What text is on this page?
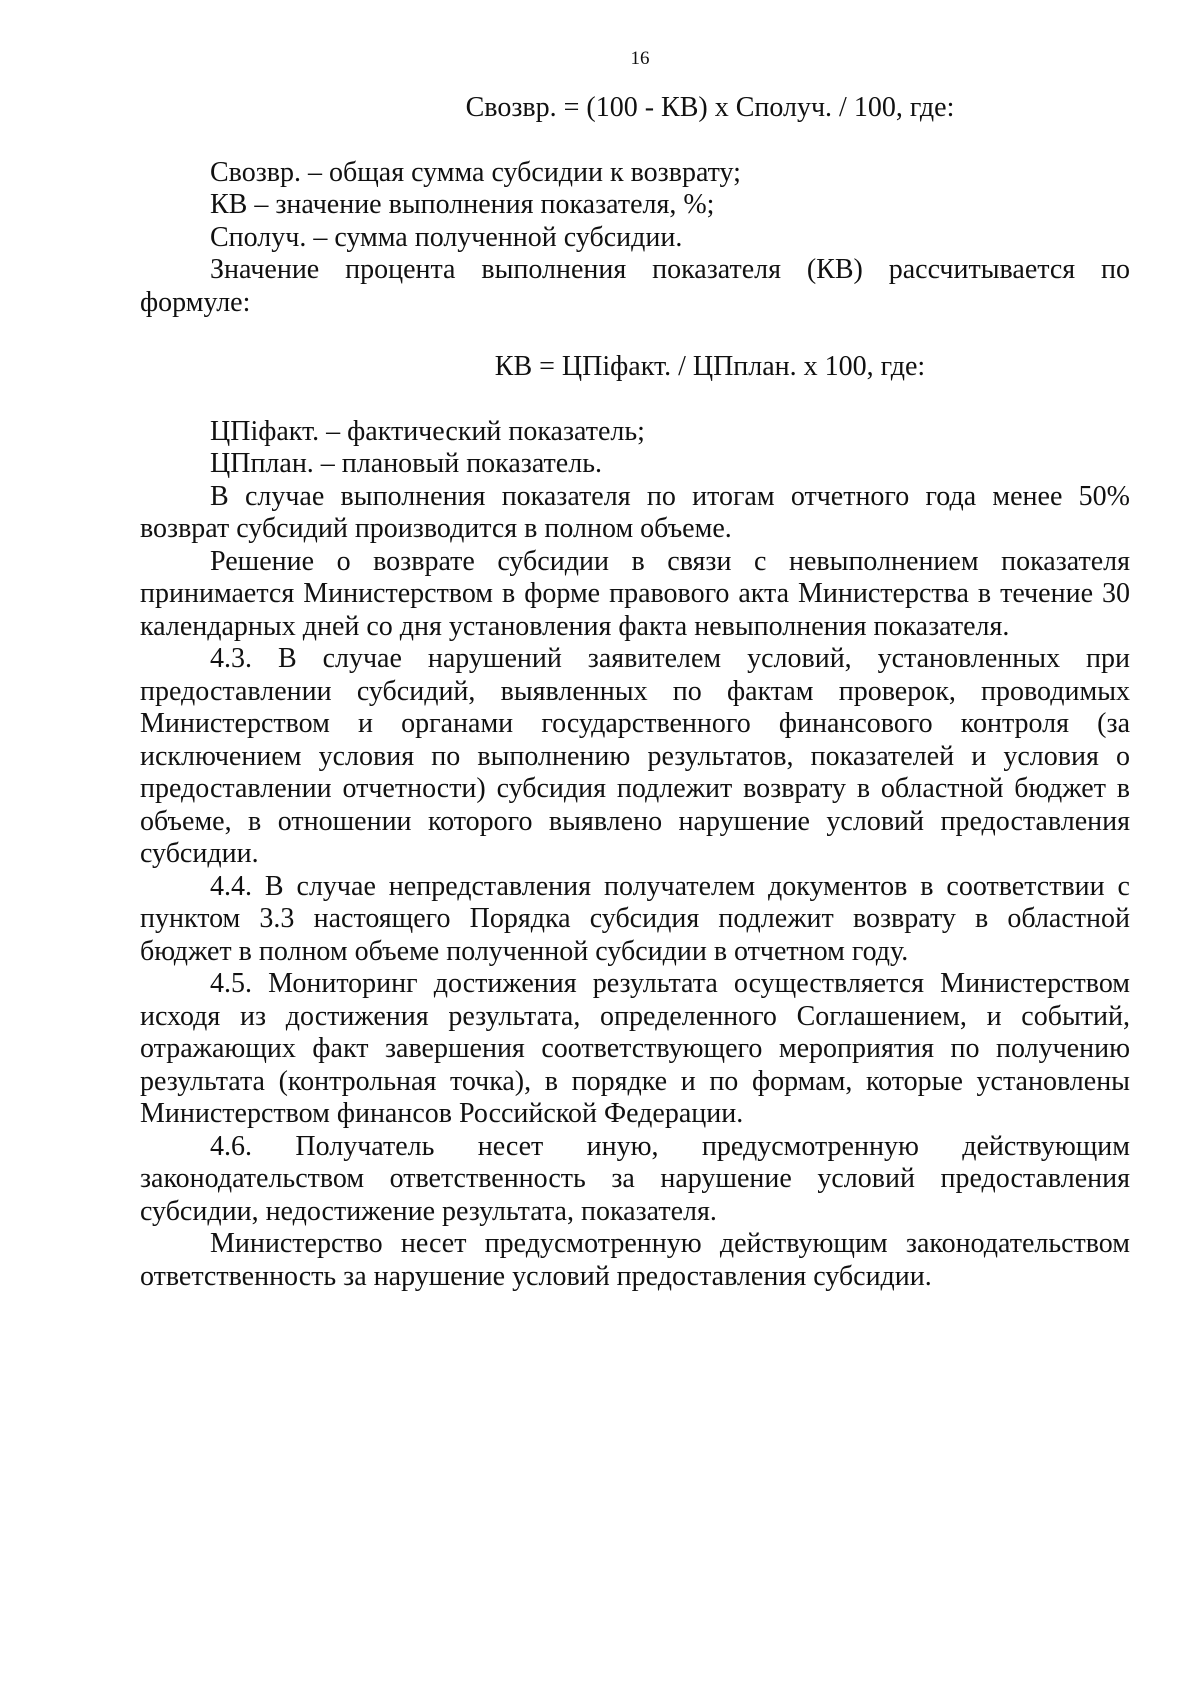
16

Своз​вр. = (100 - КВ) х Сполуч. / 100, где:

Своз​вр. – общая сумма субсидии к возврату;

КВ – значение выполнения показателя, %;

Сполуч. – сумма полученной субсидии.

Значение процента выполнения показателя (КВ) рассчитывается по формуле:

КВ = ЦПiфакт. / ЦПплан. х 100, где:

ЦПiфакт. – фактический показатель;

ЦПплан. – плановый показатель.

В случае выполнения показателя по итогам отчетного года менее 50% возврат субсидий производится в полном объеме.

Решение о возврате субсидии в связи с невыполнением показателя принимается Министерством в форме правового акта Министерства в течение 30 календарных дней со дня установления факта невыполнения показателя.

4.3. В случае нарушений заявителем условий, установленных при предоставлении субсидий, выявленных по фактам проверок, проводимых Министерством и органами государственного финансового контроля (за исключением условия по выполнению результатов, показателей и условия о предоставлении отчетности) субсидия подлежит возврату в областной бюджет в объеме, в отношении которого выявлено нарушение условий предоставления субсидии.

4.4. В случае непредставления получателем документов в соответствии с пунктом 3.3 настоящего Порядка субсидия подлежит возврату в областной бюджет в полном объеме полученной субсидии в отчетном году.

4.5. Мониторинг достижения результата осуществляется Министерством исходя из достижения результата, определенного Соглашением, и событий, отражающих факт завершения соответствующего мероприятия по получению результата (контрольная точка), в порядке и по формам, которые установлены Министерством финансов Российской Федерации.

4.6. Получатель несет иную, предусмотренную действующим законодательством ответственность за нарушение условий предоставления субсидии, недостижение результата, показателя.

Министерство несет предусмотренную действующим законодательством ответственность за нарушение условий предоставления субсидии.
